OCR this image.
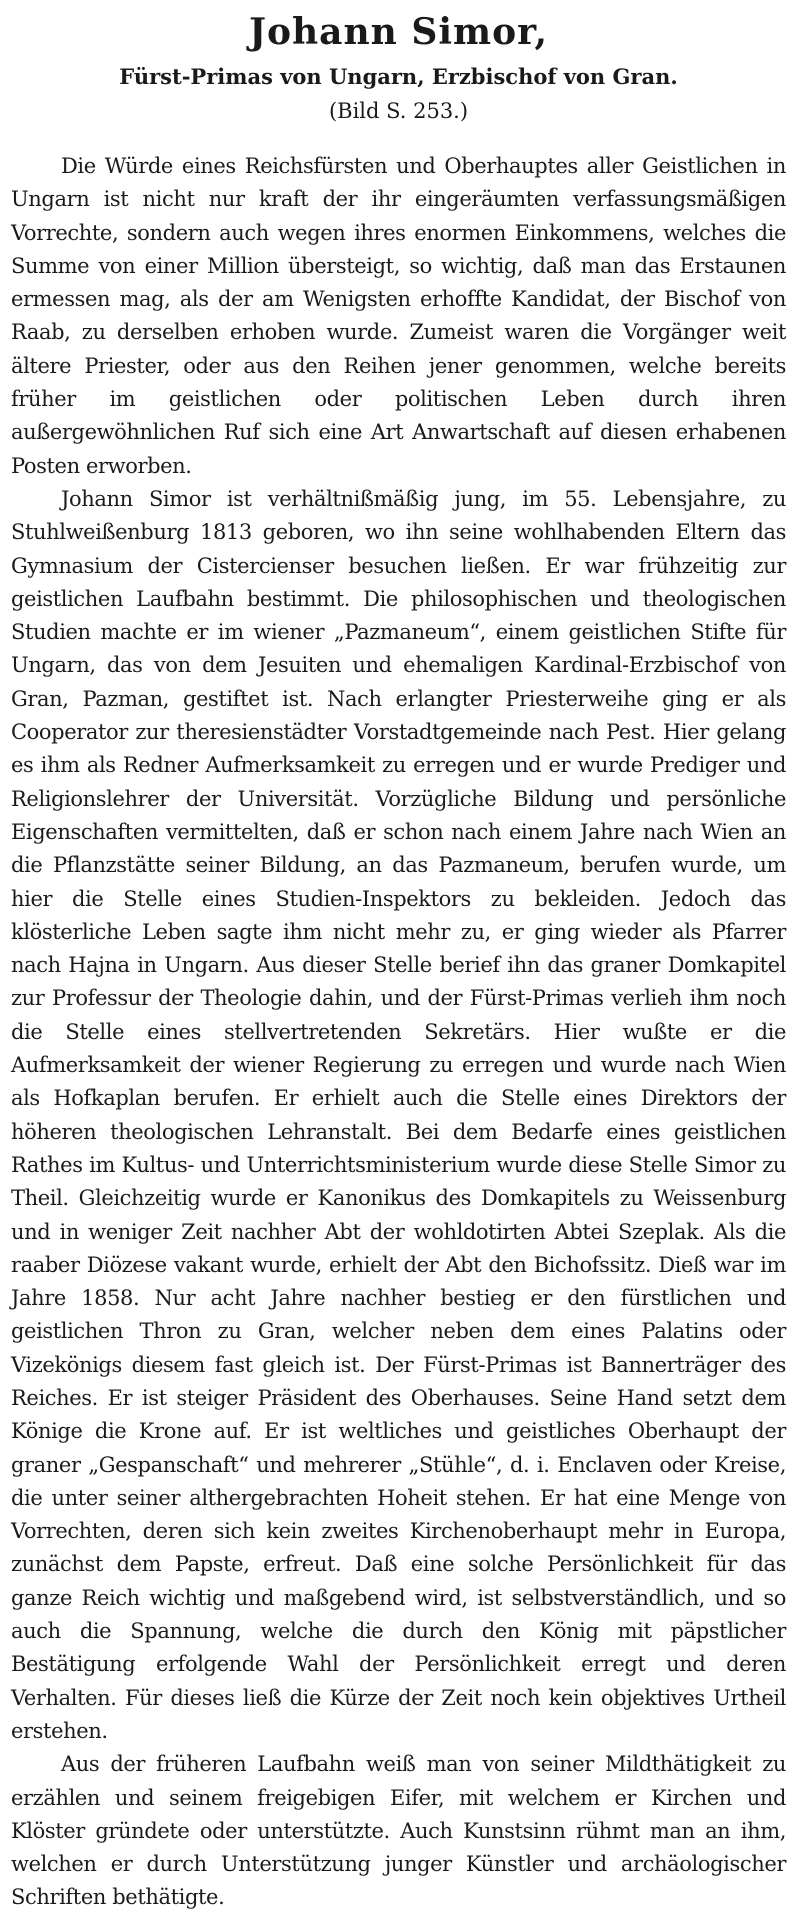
Johann Simor,
Fürst-Primas von Ungarn, Erzbischof von Gran.
(Bild S. 253.)

Die Würde eines Reichsfürsten und Oberhauptes aller Geistlichen in Ungarn ist nicht nur kraft der ihr eingeräumten verfassungsmäßigen Vorrechte, sondern auch wegen ihres enormen Einkommens, welches die Summe von einer Million übersteigt, so wichtig, daß man das Erstaunen ermessen mag, als der am Wenigsten erhoffte Kandidat, der Bischof von Raab, zu derselben erhoben wurde. Zumeist waren die Vorgänger weit ältere Priester, oder aus den Reihen jener genommen, welche bereits früher im geistlichen oder politischen Leben durch ihren außergewöhnlichen Ruf sich eine Art Anwartschaft auf diesen erhabenen Posten erworben.

Johann Simor ist verhältnißmäßig jung, im 55. Lebensjahre, zu Stuhlweißenburg 1813 geboren, wo ihn seine wohlhabenden Eltern das Gymnasium der Cistercienser besuchen ließen. Er war frühzeitig zur geistlichen Laufbahn bestimmt. Die philosophischen und theologischen Studien machte er im wiener „Pazmaneum“, einem geistlichen Stifte für Ungarn, das von dem Jesuiten und ehemaligen Kardinal-Erzbischof von Gran, Pazman, gestiftet ist. Nach erlangter Priesterweihe ging er als Cooperator zur theresienstädter Vorstadtgemeinde nach Pest. Hier gelang es ihm als Redner Aufmerksamkeit zu erregen und er wurde Prediger und Religionslehrer der Universität. Vorzügliche Bildung und persönliche Eigenschaften vermittelten, daß er schon nach einem Jahre nach Wien an die Pflanzstätte seiner Bildung, an das Pazmaneum, berufen wurde, um hier die Stelle eines Studien-Inspektors zu bekleiden. Jedoch das klösterliche Leben sagte ihm nicht mehr zu, er ging wieder als Pfarrer nach Hajna in Ungarn. Aus dieser Stelle berief ihn das graner Domkapitel zur Professur der Theologie dahin, und der Fürst-Primas verlieh ihm noch die Stelle eines stellvertretenden Sekretärs. Hier wußte er die Aufmerksamkeit der wiener Regierung zu erregen und wurde nach Wien als Hofkaplan berufen. Er erhielt auch die Stelle eines Direktors der höheren theologischen Lehranstalt. Bei dem Bedarfe eines geistlichen Rathes im Kultus- und Unterrichtsministerium wurde diese Stelle Simor zu Theil. Gleichzeitig wurde er Kanonikus des Domkapitels zu Weissenburg und in weniger Zeit nachher Abt der wohldotirten Abtei Szeplak. Als die raaber Diözese vakant wurde, erhielt der Abt den Bichofssitz. Dieß war im Jahre 1858. Nur acht Jahre nachher bestieg er den fürstlichen und geistlichen Thron zu Gran, welcher neben dem eines Palatins oder Vizekönigs diesem fast gleich ist. Der Fürst-Primas ist Bannerträger des Reiches. Er ist steiger Präsident des Oberhauses. Seine Hand setzt dem Könige die Krone auf. Er ist weltliches und geistliches Oberhaupt der graner „Gespanschaft“ und mehrerer „Stühle“, d. i. Enclaven oder Kreise, die unter seiner althergebrachten Hoheit stehen. Er hat eine Menge von Vorrechten, deren sich kein zweites Kirchenoberhaupt mehr in Europa, zunächst dem Papste, erfreut. Daß eine solche Persönlichkeit für das ganze Reich wichtig und maßgebend wird, ist selbstverständlich, und so auch die Spannung, welche die durch den König mit päpstlicher Bestätigung erfolgende Wahl der Persönlichkeit erregt und deren Verhalten. Für dieses ließ die Kürze der Zeit noch kein objektives Urtheil erstehen.

Aus der früheren Laufbahn weiß man von seiner Mildthätigkeit zu erzählen und seinem freigebigen Eifer, mit welchem er Kirchen und Klöster gründete oder unterstützte. Auch Kunstsinn rühmt man an ihm, welchen er durch Unterstützung junger Künstler und archäologischer Schriften bethätigte.
